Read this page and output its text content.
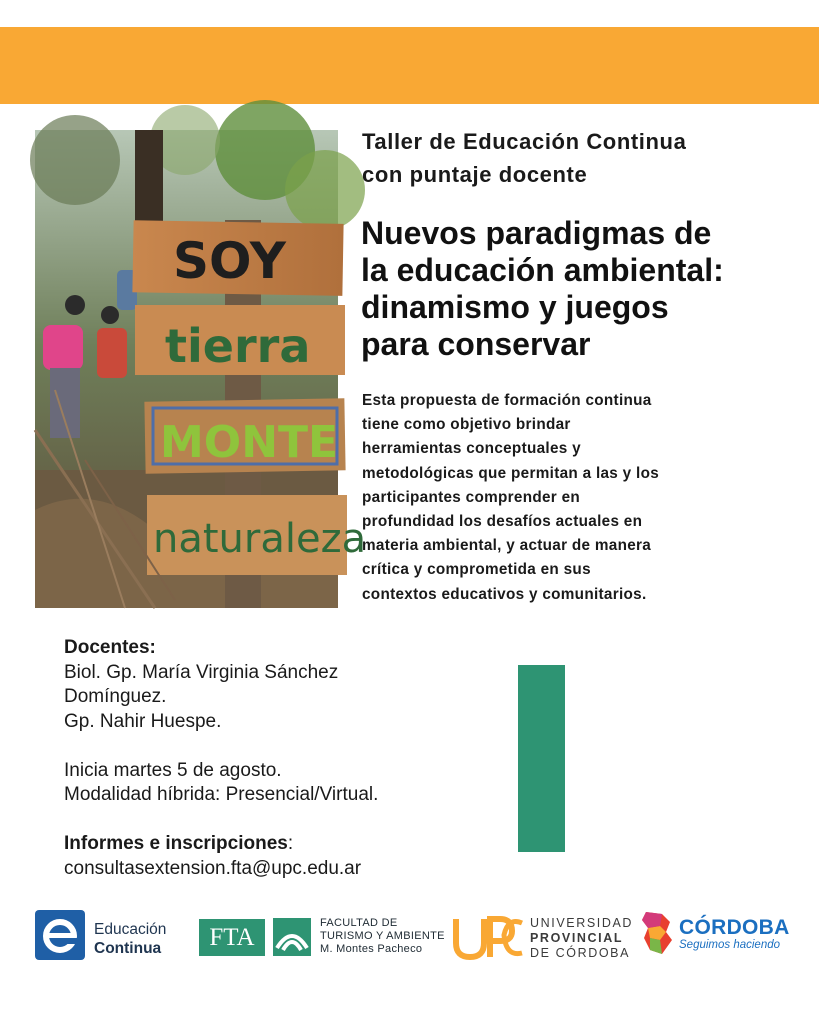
SOY
tierra
MONTE
naturaleza
Taller de Educación Continua
con puntaje docente
Nuevos paradigmas de
la educación ambiental:
dinamismo y juegos
para conservar
Esta propuesta de formación continua
tiene como objetivo brindar
herramientas conceptuales y
metodológicas que permitan a las y los
participantes comprender en
profundidad los desafíos actuales en
materia ambiental, y actuar de manera
crítica y comprometida en sus
contextos educativos y comunitarios.
Docentes:
Biol. Gp. María Virginia Sánchez
Domínguez.
Gp. Nahir Huespe.
Inicia martes 5 de agosto.
Modalidad híbrida: Presencial/Virtual.
Informes e inscripciones:
consultasextension.fta@upc.edu.ar
Educación
Continua	FTA
FACULTAD DE
TURISMO Y AMBIENTE
M. Montes Pacheco
UNIVERSIDAD
PROVINCIAL
DE CÓRDOBA
CÓRDOBA
Seguimos haciendo
